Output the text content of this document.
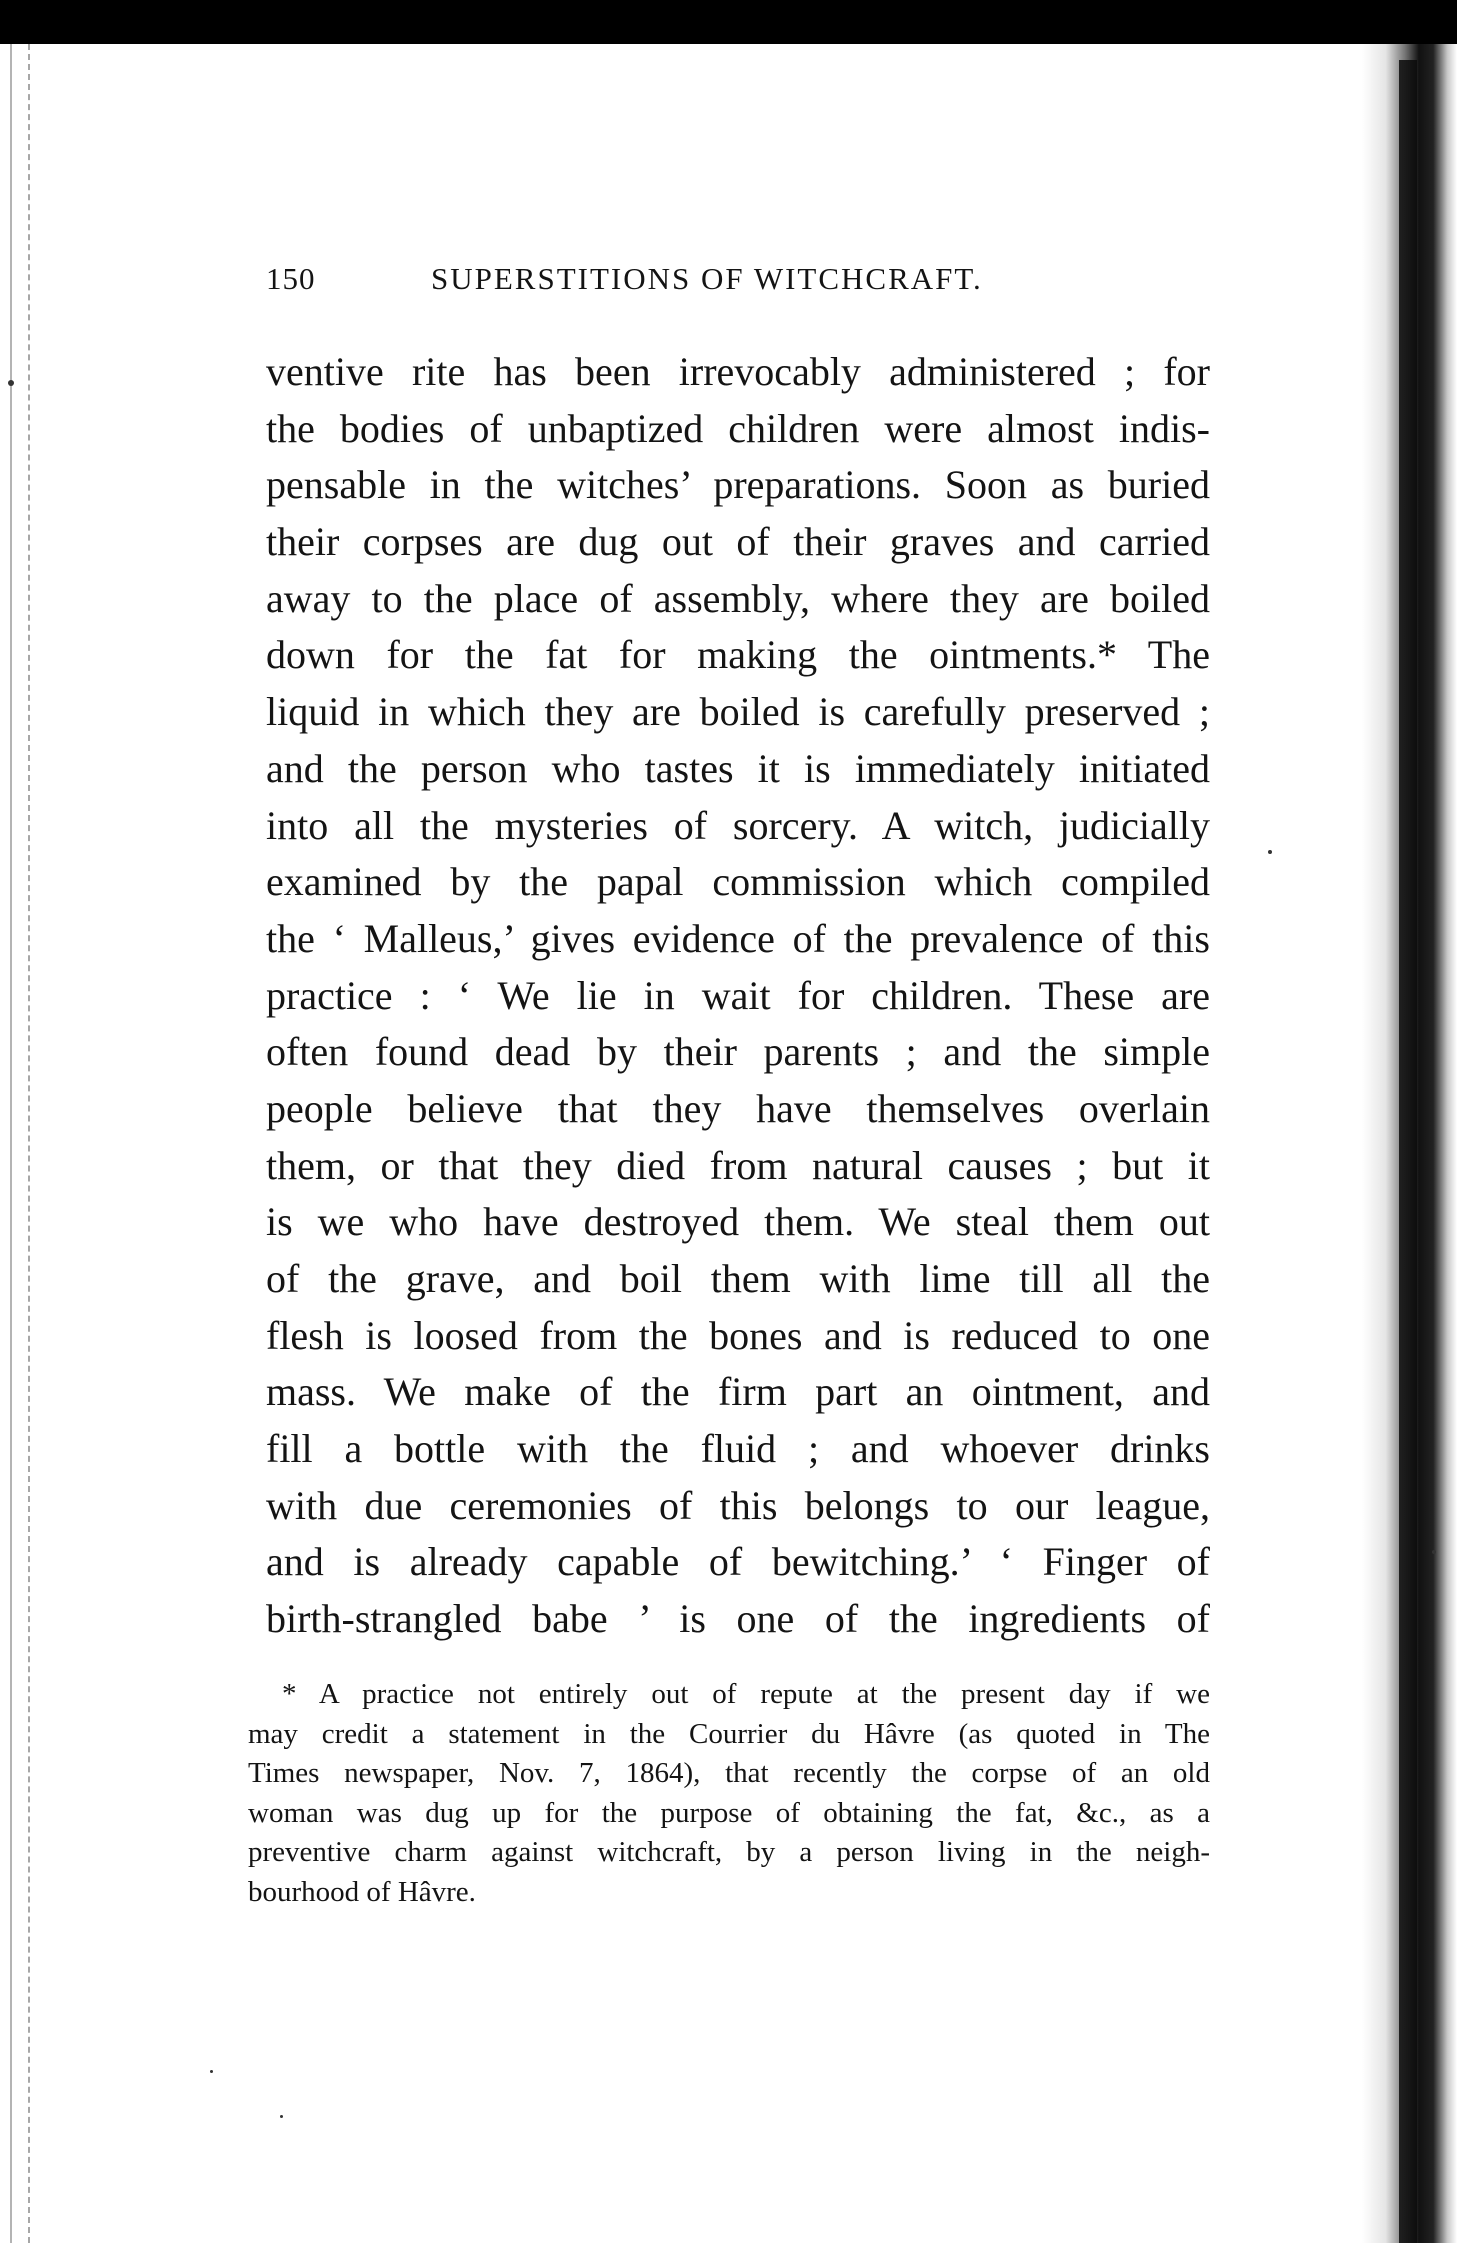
150	SUPERSTITIONS OF WITCHCRAFT.
ventive rite has been irrevocably administered ; for
the bodies of unbaptized children were almost indis-
pensable in the witches’ preparations. Soon as buried
their corpses are dug out of their graves and carried
away to the place of assembly, where they are boiled
down for the fat for making the ointments.* The
liquid in which they are boiled is carefully preserved ;
and the person who tastes it is immediately initiated
into all the mysteries of sorcery. A witch, judicially
examined by the papal commission which compiled
the ‘ Malleus,’ gives evidence of the prevalence of this
practice : ‘ We lie in wait for children. These are
often found dead by their parents ; and the simple
people believe that they have themselves overlain
them, or that they died from natural causes ; but it
is we who have destroyed them. We steal them out
of the grave, and boil them with lime till all the
flesh is loosed from the bones and is reduced to one
mass. We make of the firm part an ointment, and
fill a bottle with the fluid ; and whoever drinks
with due ceremonies of this belongs to our league,
and is already capable of bewitching.’ ‘ Finger of
birth-strangled babe ’ is one of the ingredients of
* A practice not entirely out of repute at the present day if we
may credit a statement in the Courrier du Hâvre (as quoted in The
Times newspaper, Nov. 7, 1864), that recently the corpse of an old
woman was dug up for the purpose of obtaining the fat, &c., as a
preventive charm against witchcraft, by a person living in the neigh-
bourhood of Hâvre.
